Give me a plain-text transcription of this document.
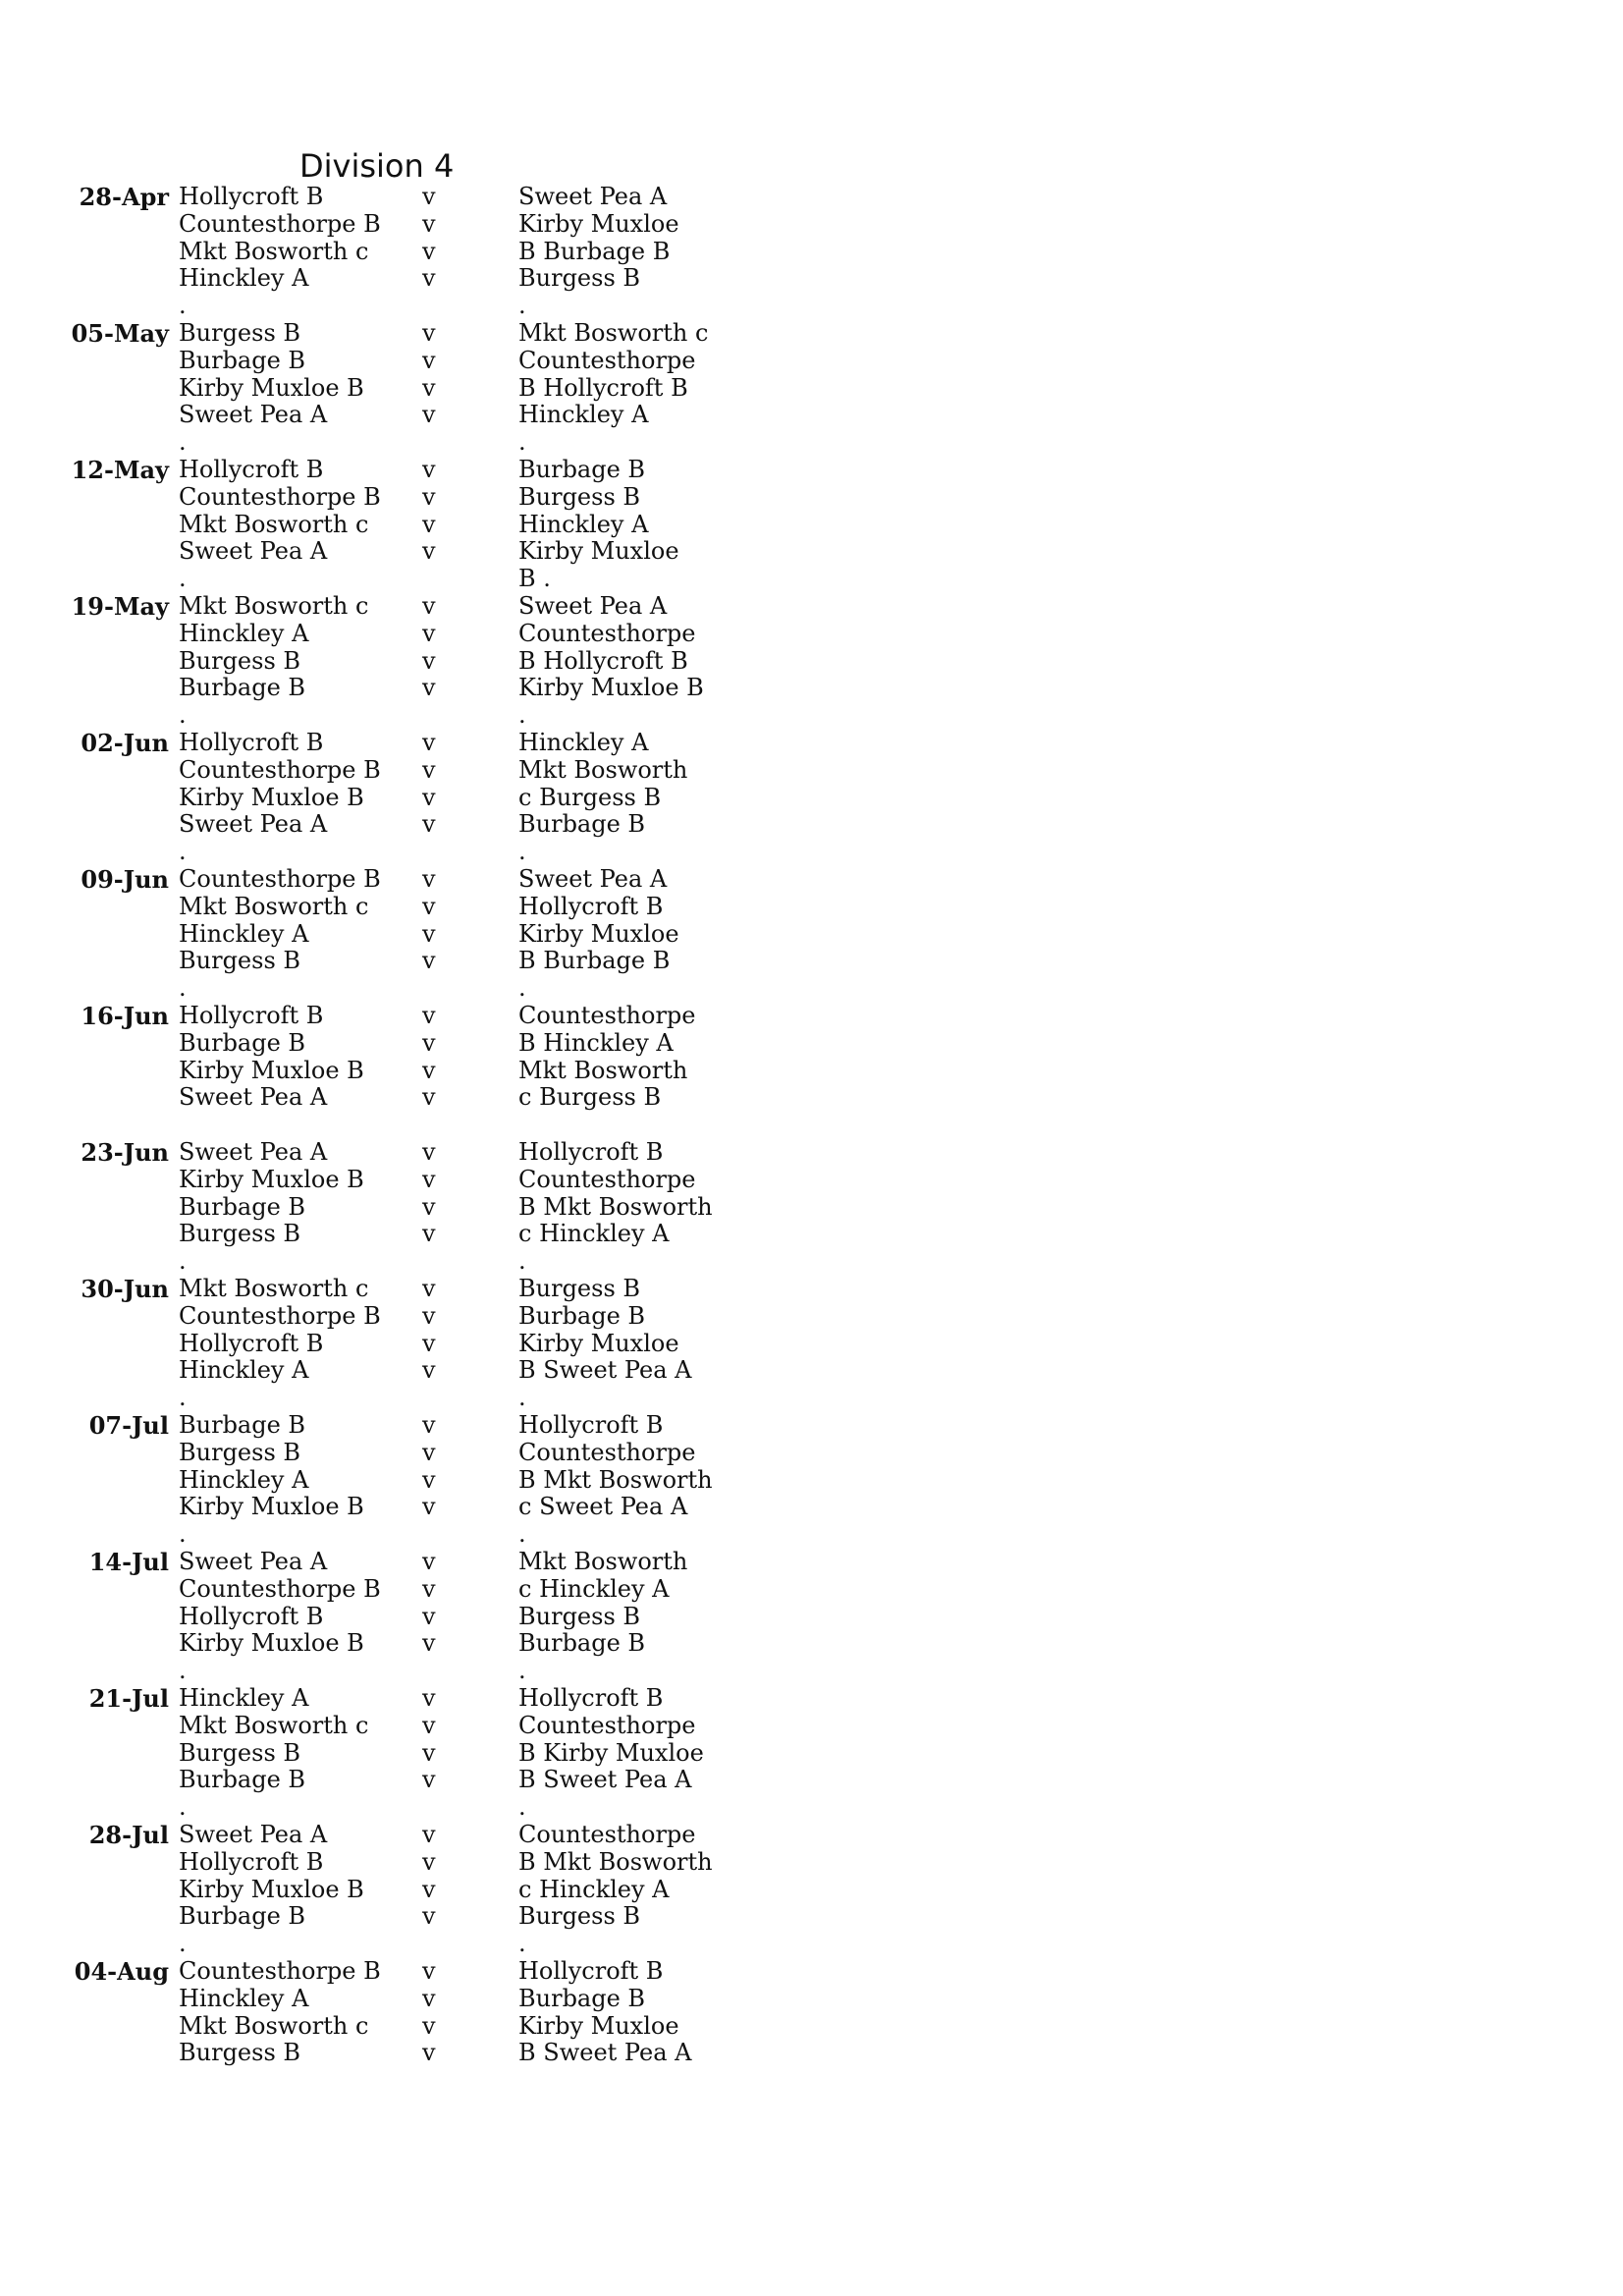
Division 4
28-Apr Hollycroft B	v	Sweet Pea A
Countesthorpe B v	Kirby Muxloe
Mkt Bosworth c v	B Burbage B
Hinckley A	v	Burgess B
.	.
05-May Burgess B	v	Mkt Bosworth c
Burbage B	v	Countesthorpe
Kirby Muxloe B v	B Hollycroft B
Sweet Pea A	v	Hinckley A
.	.
12-May Hollycroft B	v	Burbage B
Countesthorpe B v	Burgess B
Mkt Bosworth c v	Hinckley A
Sweet Pea A	v	Kirby Muxloe
.	B .
19-May Mkt Bosworth c v	Sweet Pea A
Hinckley A	v	Countesthorpe
Burgess B	v	B Hollycroft B
Burbage B	v	Kirby Muxloe B
.	.
02-Jun Hollycroft B	v	Hinckley A
Countesthorpe B v	Mkt Bosworth
Kirby Muxloe B v	c Burgess B
Sweet Pea A	v	Burbage B
.	.
09-Jun Countesthorpe B v	Sweet Pea A
Mkt Bosworth c v	Hollycroft B
Hinckley A	v	Kirby Muxloe
Burgess B	v	B Burbage B
.	.
16-Jun Hollycroft B	v	Countesthorpe
Burbage B	v	B Hinckley A
Kirby Muxloe B v	Mkt Bosworth
Sweet Pea A	v	c Burgess B
23-Jun Sweet Pea A	v	Hollycroft B
Kirby Muxloe B v	Countesthorpe
Burbage B	v	B Mkt Bosworth
Burgess B	v	c Hinckley A
.	.
30-Jun Mkt Bosworth c v	Burgess B
Countesthorpe B v	Burbage B
Hollycroft B	v	Kirby Muxloe
Hinckley A	v	B Sweet Pea A
.	.
07-Jul Burbage B	v	Hollycroft B
Burgess B	v	Countesthorpe
Hinckley A	v	B Mkt Bosworth
Kirby Muxloe B v	c Sweet Pea A
.	.
14-Jul Sweet Pea A	v	Mkt Bosworth
Countesthorpe B v	c Hinckley A
Hollycroft B	v	Burgess B
Kirby Muxloe B v	Burbage B
.	.
21-Jul Hinckley A	v	Hollycroft B
Mkt Bosworth c v	Countesthorpe
Burgess B	v	B Kirby Muxloe
Burbage B	v	B Sweet Pea A
.	.
28-Jul Sweet Pea A	v	Countesthorpe
Hollycroft B	v	B Mkt Bosworth
Kirby Muxloe B v	c Hinckley A
Burbage B	v	Burgess B
.	.
04-Aug Countesthorpe B v	Hollycroft B
Hinckley A	v	Burbage B
Mkt Bosworth c v	Kirby Muxloe
Burgess B	v	B Sweet Pea A
